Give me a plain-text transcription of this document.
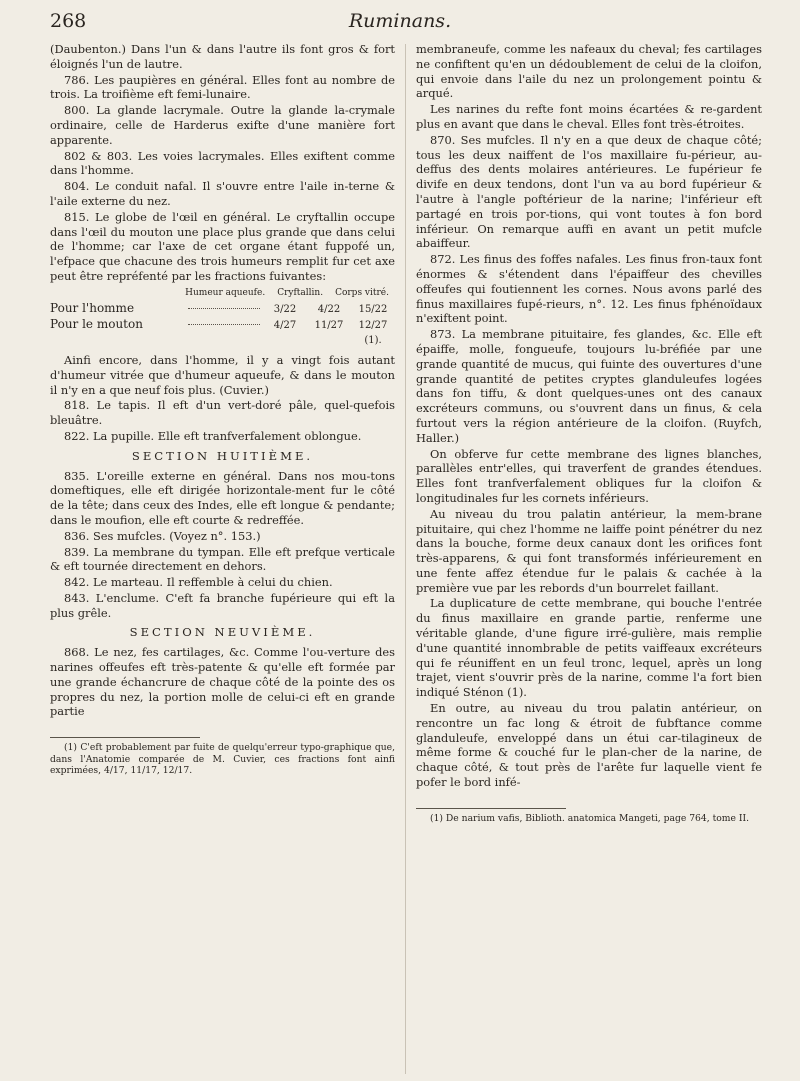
268	Ruminans.

(Daubenton.) Dans l'un & dans l'autre ils font gros & fort éloignés l'un de lautre.

786. Les paupières en général. Elles font au nombre de trois. La troifième eft femi-lunaire.

800. La glande lacrymale. Outre la glande la-crymale ordinaire, celle de Harderus exifte d'une manière fort apparente.

802 & 803. Les voies lacrymales. Elles exiftent comme dans l'homme.

804. Le conduit nafal. Il s'ouvre entre l'aile in-terne & l'aile externe du nez.

815. Le globe de l'œil en général. Le cryftallin occupe dans l'œil du mouton une place plus grande que dans celui de l'homme; car l'axe de cet organe étant fuppofé un, l'efpace que chacune des trois humeurs remplit fur cet axe peut être repréfenté par les fractions fuivantes:

Humeur aqueufe. Cryftallin. Corps vitré.
Pour l'homme	3/22	4/22	15/22
Pour le mouton	4/27	11/27	12/27 (1).

Ainfi encore, dans l'homme, il y a vingt fois autant d'humeur vitrée que d'humeur aqueufe, & dans le mouton il n'y en a que neuf fois plus. (Cuvier.)

818. Le tapis. Il eft d'un vert-doré pâle, quel-quefois bleuâtre.

822. La pupille. Elle eft tranfverfalement oblongue.

SECTION HUITIÈME.

835. L'oreille externe en général. Dans nos mou-tons domeftiques, elle eft dirigée horizontale-ment fur le côté de la tête; dans ceux des Indes, elle eft longue & pendante; dans le moufion, elle eft courte & redreffée.

836. Ses mufcles. (Voyez n°. 153.)

839. La membrane du tympan. Elle eft prefque verticale & eft tournée directement en dehors.

842. Le marteau. Il reffemble à celui du chien.

843. L'enclume. C'eft fa branche fupérieure qui eft la plus grêle.

SECTION NEUVIÈME.

868. Le nez, fes cartilages, &c. Comme l'ou-verture des narines offeufes eft très-patente & qu'elle eft formée par une grande échancrure de chaque côté de la pointe des os propres du nez, la portion molle de celui-ci eft en grande partie

(1) C'eft probablement par fuite de quelqu'erreur typo-graphique que, dans l'Anatomie comparée de M. Cuvier, ces fractions font ainfi exprimées, 4/17, 11/17, 12/17.

membraneufe, comme les nafeaux du cheval; fes cartilages ne confiftent qu'en un dédoublement de celui de la cloifon, qui envoie dans l'aile du nez un prolongement pointu & arqué.

Les narines du refte font moins écartées & re-gardent plus en avant que dans le cheval. Elles font très-étroites.

870. Ses mufcles. Il n'y en a que deux de chaque côté; tous les deux naiffent de l'os maxillaire fu-périeur, au-deffus des dents molaires antérieures. Le fupérieur fe divife en deux tendons, dont l'un va au bord fupérieur & l'autre à l'angle poftérieur de la narine; l'inférieur eft partagé en trois por-tions, qui vont toutes à fon bord inférieur. On remarque auffi en avant un petit mufcle abaiffeur.

872. Les finus des foffes nafales. Les finus fron-taux font énormes & s'étendent dans l'épaiffeur des chevilles offeufes qui foutiennent les cornes. Nous avons parlé des finus maxillaires fupé-rieurs, n°. 12. Les finus fphénoïdaux n'exiftent point.

873. La membrane pituitaire, fes glandes, &c. Elle eft épaiffe, molle, fongueufe, toujours lu-bréfiée par une grande quantité de mucus, qui fuinte des ouvertures d'une grande quantité de petites cryptes glanduleufes logées dans fon tiffu, & dont quelques-unes ont des canaux excréteurs communs, ou s'ouvrent dans un finus, & cela furtout vers la région antérieure de la cloifon. (Ruyfch, Haller.)

On obferve fur cette membrane des lignes blanches, parallèles entr'elles, qui traverfent de grandes étendues. Elles font tranfverfalement obliques fur la cloifon & longitudinales fur les cornets inférieurs.

Au niveau du trou palatin antérieur, la mem-brane pituitaire, qui chez l'homme ne laiffe point pénétrer du nez dans la bouche, forme deux canaux dont les orifices font très-apparens, & qui font transformés inférieurement en une fente affez étendue fur le palais & cachée à la première vue par les rebords d'un bourrelet faillant.

La duplicature de cette membrane, qui bouche l'entrée du finus maxillaire en grande partie, renferme une véritable glande, d'une figure irré-gulière, mais remplie d'une quantité innombrable de petits vaiffeaux excréteurs qui fe réuniffent en un feul tronc, lequel, après un long trajet, vient s'ouvrir près de la narine, comme l'a fort bien indiqué Sténon (1).

En outre, au niveau du trou palatin antérieur, on rencontre un fac long & étroit de fubftance comme glanduleufe, enveloppé dans un étui car-tilagineux de même forme & couché fur le plan-cher de la narine, de chaque côté, & tout près de l'arête fur laquelle vient fe pofer le bord infé-

(1) De narium vafis, Biblioth. anatomica Mangeti, page 764, tome II.
